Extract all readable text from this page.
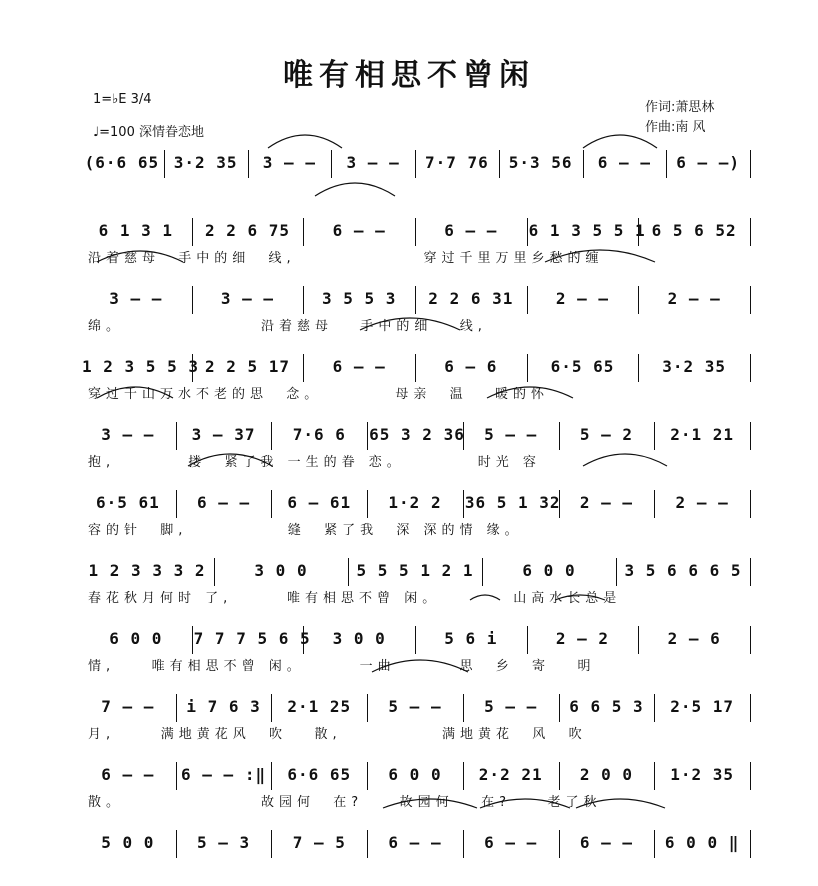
唯有相思不曾闲
1=♭E 3/4
♩=100 深情眷恋地
作词:萧思林
作曲:南 风
(6·6 65 3·2 35	3 – –	3 – –	7·7 76	5·3 56	6 – –	6 – –)
6 1 3 1	2 2 6 75	6 – –	6 – –	6 1 3 5 5 1 6 5 6 52
沿着慈母  手中的细  线,              穿过千里万里乡愁的缠
3 – –	3 – –	3 5 5 3	2 2 6 31	2 – –	2 – –
绵。               沿着慈母   手中的细   线,
1 2 3 5 5 3 2 2 5 17	6 – –	6 – 6	6·5 65	3·2 35
穿过千山万水不老的思  念。        母亲  温   暖的怀
3 – –	3 – 37	7·6 6	65 3 2 36	5 – –	5 – 2	2·1 21
抱,        搂  紧了我 一生的眷 恋。        时光 容
6·5 61	6 – –	6 – 61	1·2 2	36 5 1 32	2 – –	2 – –
容的针  脚,           缝  紧了我  深 深的情 缘。
1 2 3 3 3 2	3 0 0	5 5 5 1 2 1	6 0 0	3 5 6 6 6 5
春花秋月何时 了,      唯有相思不曾 闲。        山高水长总是
6 0 0	7 7 7 5 6 5	3 0 0	5 6 i	2 – 2	2 – 6
情,    唯有相思不曾 闲。      一曲       思  乡  寄   明
7 – –	i 7 6 3	2·1 25	5 – –	5 – –	6 6 5 3	2·5 17
月,     满地黄花风  吹   散,           满地黄花  风  吹
6 – –	6 – – :‖	6·6 65	6 0 0	2·2 21	2 0 0	1·2 35
散。               故园何  在?    故园何   在?    老了秋
5 0 0	5 – 3	7 – 5	6 – –	6 – –	6 – –	6 0 0 ‖
